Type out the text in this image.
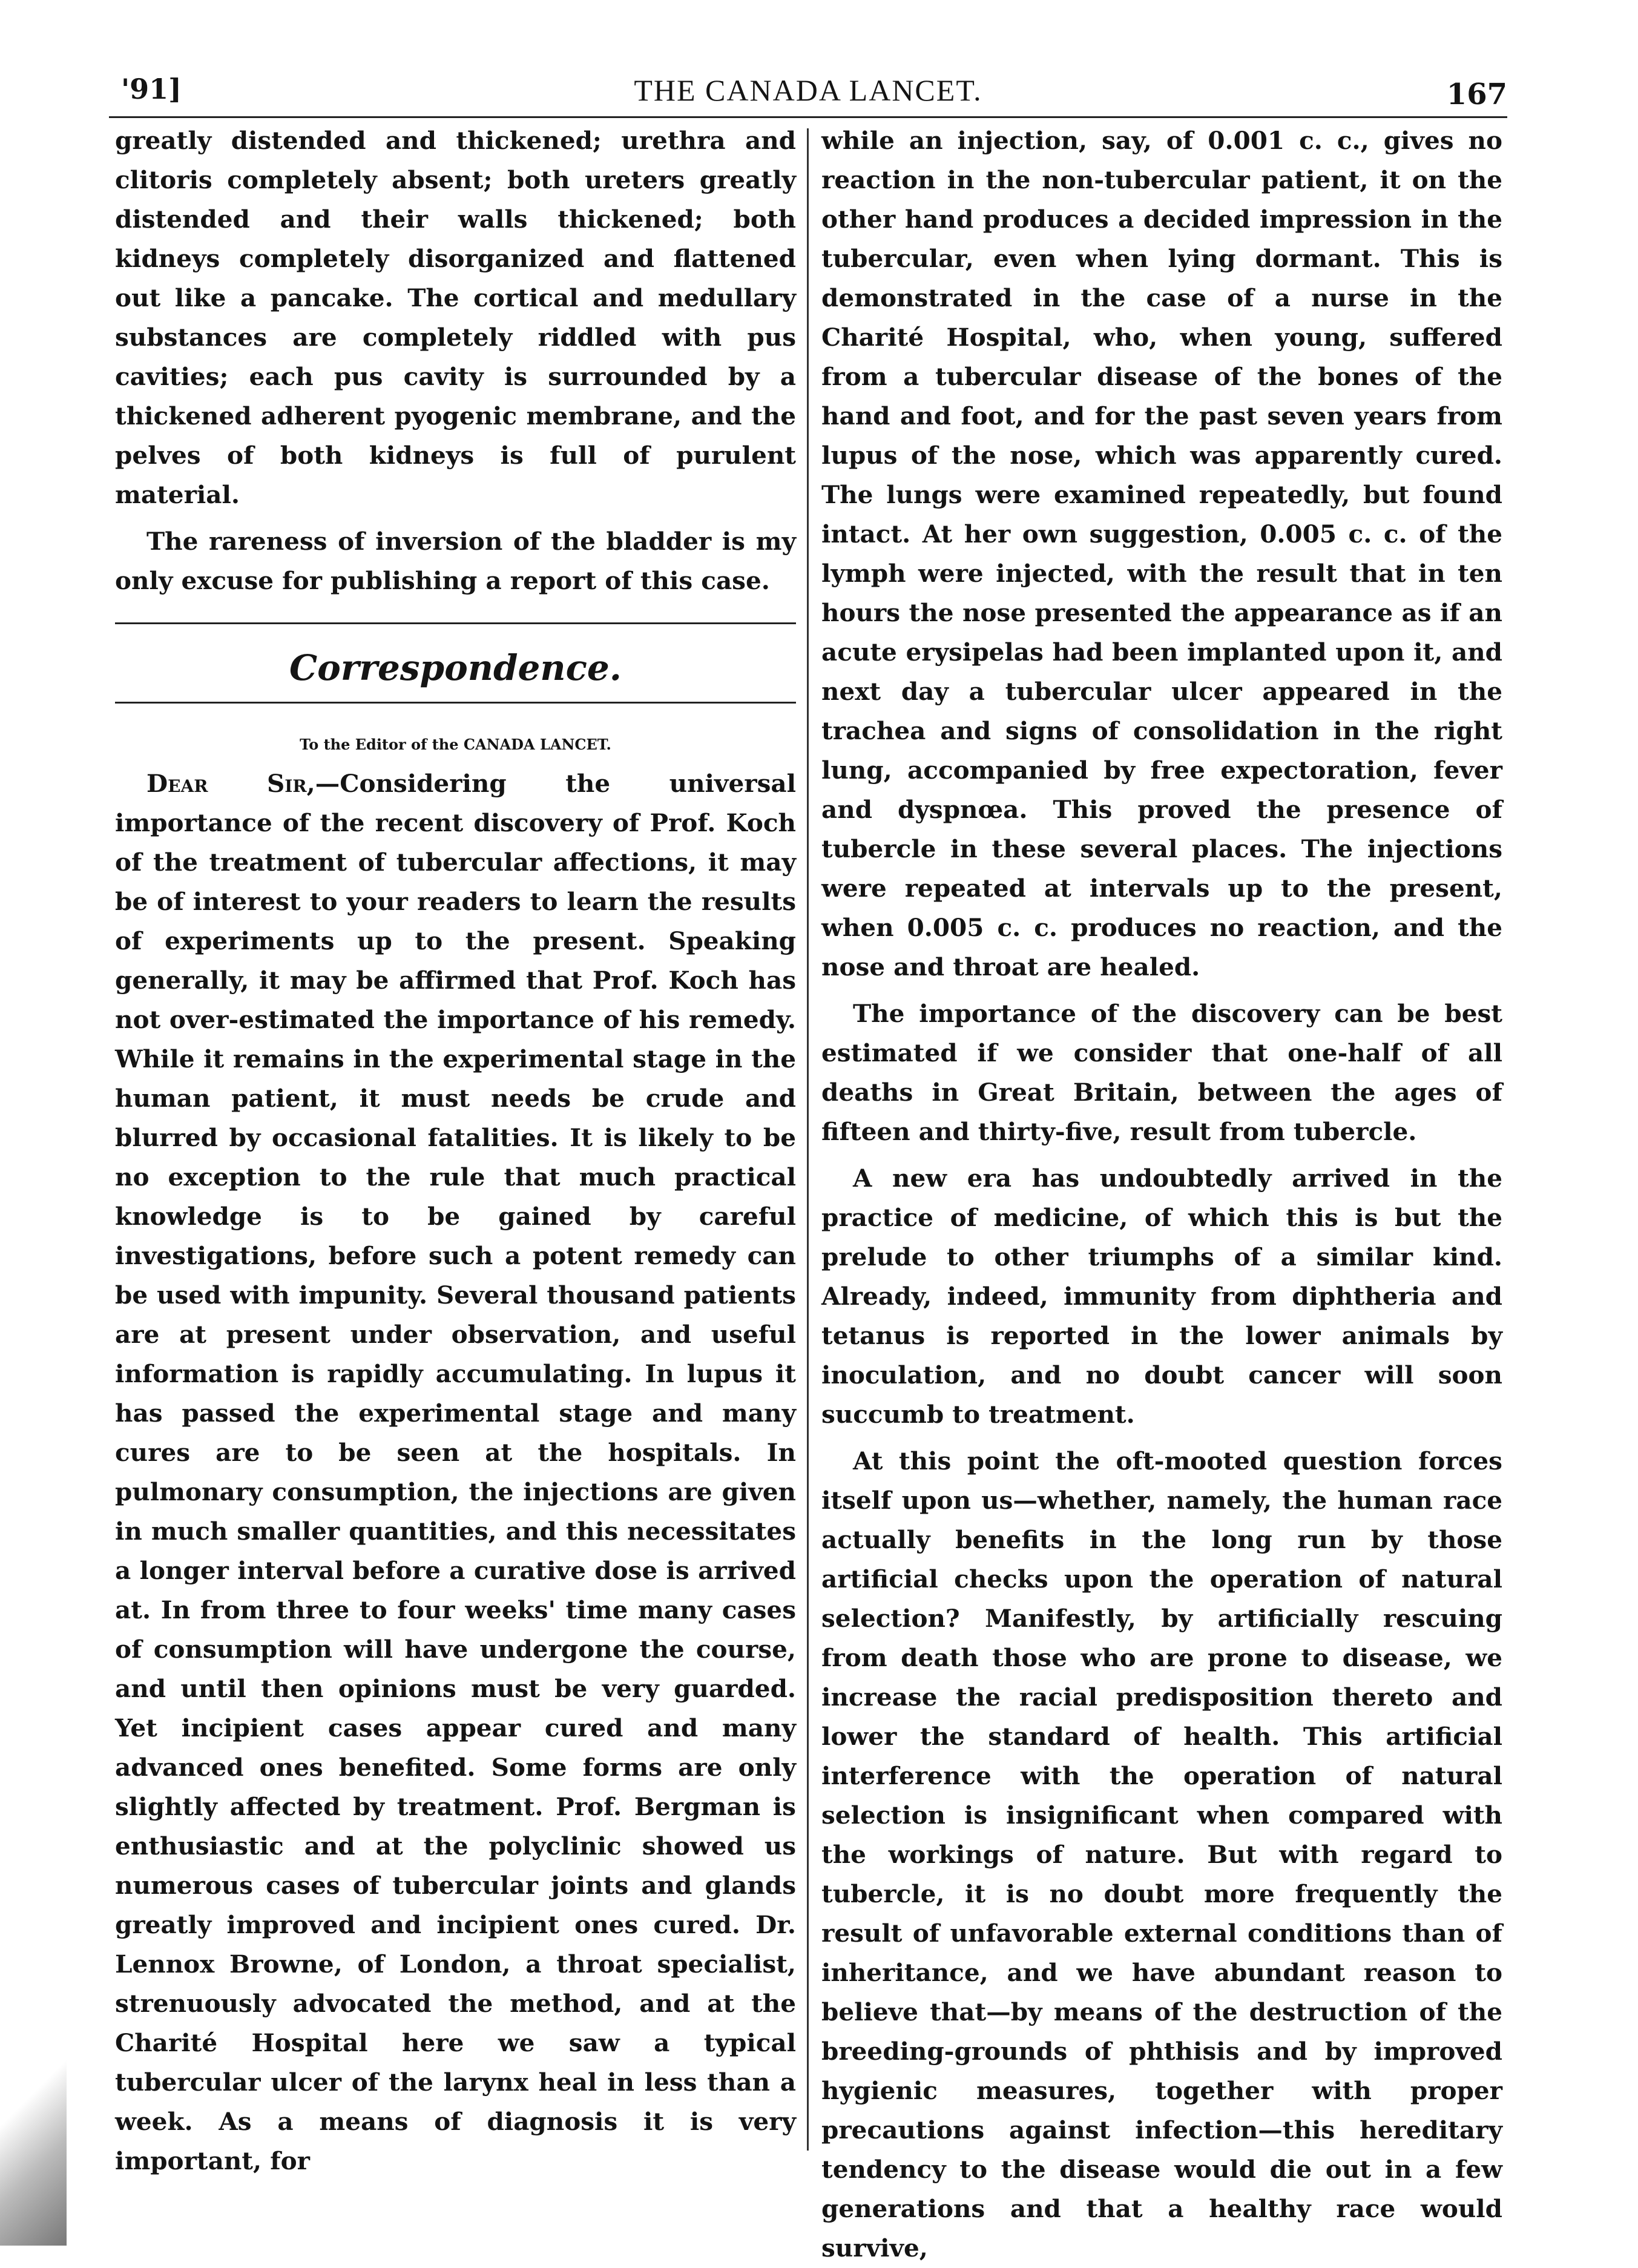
'91]	THE CANADA LANCET.	167

greatly distended and thickened; urethra and clitoris completely absent; both ureters greatly distended and their walls thickened; both kidneys completely disorganized and flattened out like a pancake. The cortical and medullary substances are completely riddled with pus cavities; each pus cavity is surrounded by a thickened adherent pyogenic membrane, and the pelves of both kidneys is full of purulent material.

The rareness of inversion of the bladder is my only excuse for publishing a report of this case.

Correspondence.

To the Editor of the CANADA LANCET.

Dear Sir,—Considering the universal importance of the recent discovery of Prof. Koch of the treatment of tubercular affections, it may be of interest to your readers to learn the results of experiments up to the present. Speaking generally, it may be affirmed that Prof. Koch has not over-estimated the importance of his remedy. While it remains in the experimental stage in the human patient, it must needs be crude and blurred by occasional fatalities. It is likely to be no exception to the rule that much practical knowledge is to be gained by careful investigations, before such a potent remedy can be used with impunity. Several thousand patients are at present under observation, and useful information is rapidly accumulating. In lupus it has passed the experimental stage and many cures are to be seen at the hospitals. In pulmonary consumption, the injections are given in much smaller quantities, and this necessitates a longer interval before a curative dose is arrived at. In from three to four weeks' time many cases of consumption will have undergone the course, and until then opinions must be very guarded. Yet incipient cases appear cured and many advanced ones benefited. Some forms are only slightly affected by treatment. Prof. Bergman is enthusiastic and at the polyclinic showed us numerous cases of tubercular joints and glands greatly improved and incipient ones cured. Dr. Lennox Browne, of London, a throat specialist, strenuously advocated the method, and at the Charité Hospital here we saw a typical tubercular ulcer of the larynx heal in less than a week. As a means of diagnosis it is very important, for

while an injection, say, of 0.001 c. c., gives no reaction in the non-tubercular patient, it on the other hand produces a decided impression in the tubercular, even when lying dormant. This is demonstrated in the case of a nurse in the Charité Hospital, who, when young, suffered from a tubercular disease of the bones of the hand and foot, and for the past seven years from lupus of the nose, which was apparently cured. The lungs were examined repeatedly, but found intact. At her own suggestion, 0.005 c. c. of the lymph were injected, with the result that in ten hours the nose presented the appearance as if an acute erysipelas had been implanted upon it, and next day a tubercular ulcer appeared in the trachea and signs of consolidation in the right lung, accompanied by free expectoration, fever and dyspnœa. This proved the presence of tubercle in these several places. The injections were repeated at intervals up to the present, when 0.005 c. c. produces no reaction, and the nose and throat are healed.

The importance of the discovery can be best estimated if we consider that one-half of all deaths in Great Britain, between the ages of fifteen and thirty-five, result from tubercle.

A new era has undoubtedly arrived in the practice of medicine, of which this is but the prelude to other triumphs of a similar kind. Already, indeed, immunity from diphtheria and tetanus is reported in the lower animals by inoculation, and no doubt cancer will soon succumb to treatment.

At this point the oft-mooted question forces itself upon us—whether, namely, the human race actually benefits in the long run by those artificial checks upon the operation of natural selection? Manifestly, by artificially rescuing from death those who are prone to disease, we increase the racial predisposition thereto and lower the standard of health. This artificial interference with the operation of natural selection is insignificant when compared with the workings of nature. But with regard to tubercle, it is no doubt more frequently the result of unfavorable external conditions than of inheritance, and we have abundant reason to believe that—by means of the destruction of the breeding-grounds of phthisis and by improved hygienic measures, together with proper precautions against infection—this hereditary tendency to the disease would die out in a few generations and that a healthy race would survive,
